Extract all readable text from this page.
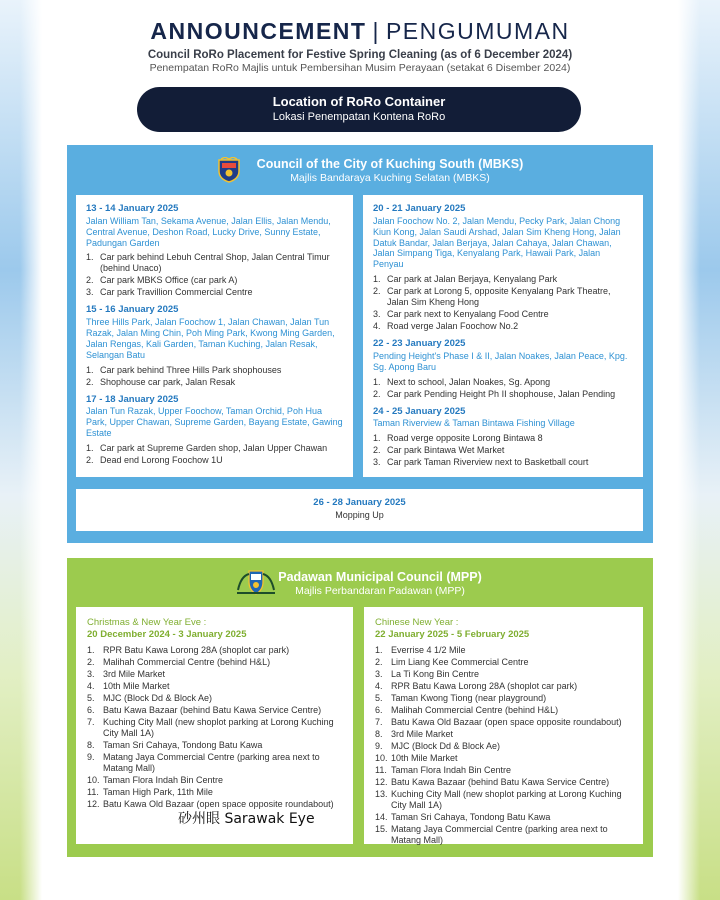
ANNOUNCEMENT | PENGUMUMAN
Council RoRo Placement for Festive Spring Cleaning (as of 6 December 2024)
Penempatan RoRo Majlis untuk Pembersihan Musim Perayaan (setakat 6 Disember 2024)
Location of RoRo Container
Lokasi Penempatan Kontena RoRo
Council of the City of Kuching South (MBKS)
Majlis Bandaraya Kuching Selatan (MBKS)
13 - 14 January 2025
Jalan William Tan, Sekama Avenue, Jalan Ellis, Jalan Mendu, Central Avenue, Deshon Road, Lucky Drive, Sunny Estate, Padungan Garden
1. Car park behind Lebuh Central Shop, Jalan Central Timur (behind Unaco)
2. Car park MBKS Office (car park A)
3. Car park Travillion Commercial Centre
15 - 16 January 2025
Three Hills Park, Jalan Foochow 1, Jalan Chawan, Jalan Tun Razak, Jalan Ming Chin, Poh Ming Park, Kwong Ming Garden, Jalan Rengas, Kali Garden, Taman Kuching, Jalan Resak, Selangan Batu
1. Car park behind Three Hills Park shophouses
2. Shophouse car park, Jalan Resak
17 - 18 January 2025
Jalan Tun Razak, Upper Foochow, Taman Orchid, Poh Hua Park, Upper Chawan, Supreme Garden, Bayang Estate, Gawing Estate
1. Car park at Supreme Garden shop, Jalan Upper Chawan
2. Dead end Lorong Foochow 1U
20 - 21 January 2025
Jalan Foochow No. 2, Jalan Mendu, Pecky Park, Jalan Chong Kiun Kong, Jalan Saudi Arshad, Jalan Sim Kheng Hong, Jalan Datuk Bandar, Jalan Berjaya, Jalan Cahaya, Jalan Chawan, Jalan Simpang Tiga, Kenyalang Park, Hawaii Park, Jalan Penyau
1. Car park at Jalan Berjaya, Kenyalang Park
2. Car park at Lorong 5, opposite Kenyalang Park Theatre, Jalan Sim Kheng Hong
3. Car park next to Kenyalang Food Centre
4. Road verge Jalan Foochow No.2
22 - 23 January 2025
Pending Height's Phase I & II, Jalan Noakes, Jalan Peace, Kpg. Sg. Apong Baru
1. Next to school, Jalan Noakes, Sg. Apong
2. Car park Pending Height Ph II shophouse, Jalan Pending
24 - 25 January 2025
Taman Riverview & Taman Bintawa Fishing Village
1. Road verge opposite Lorong Bintawa 8
2. Car park Bintawa Wet Market
3. Car park Taman Riverview next to Basketball court
26 - 28 January 2025
Mopping Up
Padawan Municipal Council (MPP)
Majlis Perbandaran Padawan (MPP)
Christmas & New Year Eve :
20 December 2024 - 3 January 2025
1. RPR Batu Kawa Lorong 28A (shoplot car park)
2. Malihah Commercial Centre (behind H&L)
3. 3rd Mile Market
4. 10th Mile Market
5. MJC (Block Dd & Block Ae)
6. Batu Kawa Bazaar (behind Batu Kawa Service Centre)
7. Kuching City Mall (new shoplot parking at Lorong Kuching City Mall 1A)
8. Taman Sri Cahaya, Tondong Batu Kawa
9. Matang Jaya Commercial Centre (parking area next to Matang Mall)
10. Taman Flora Indah Bin Centre
11. Taman High Park, 11th Mile
12. Batu Kawa Old Bazaar (open space opposite roundabout)
Chinese New Year :
22 January 2025 - 5 February 2025
1. Everrise 4 1/2 Mile
2. Lim Liang Kee Commercial Centre
3. La Ti Kong Bin Centre
4. RPR Batu Kawa Lorong 28A (shoplot car park)
5. Taman Kwong Tiong (near playground)
6. Malihah Commercial Centre (behind H&L)
7. Batu Kawa Old Bazaar (open space opposite roundabout)
8. 3rd Mile Market
9. MJC (Block Dd & Block Ae)
10. 10th Mile Market
11. Taman Flora Indah Bin Centre
12. Batu Kawa Bazaar (behind Batu Kawa Service Centre)
13. Kuching City Mall (new shoplot parking at Lorong Kuching City Mall 1A)
14. Taman Sri Cahaya, Tondong Batu Kawa
15. Matang Jaya Commercial Centre (parking area next to Matang Mall)
砂州眼 Sarawak Eye
